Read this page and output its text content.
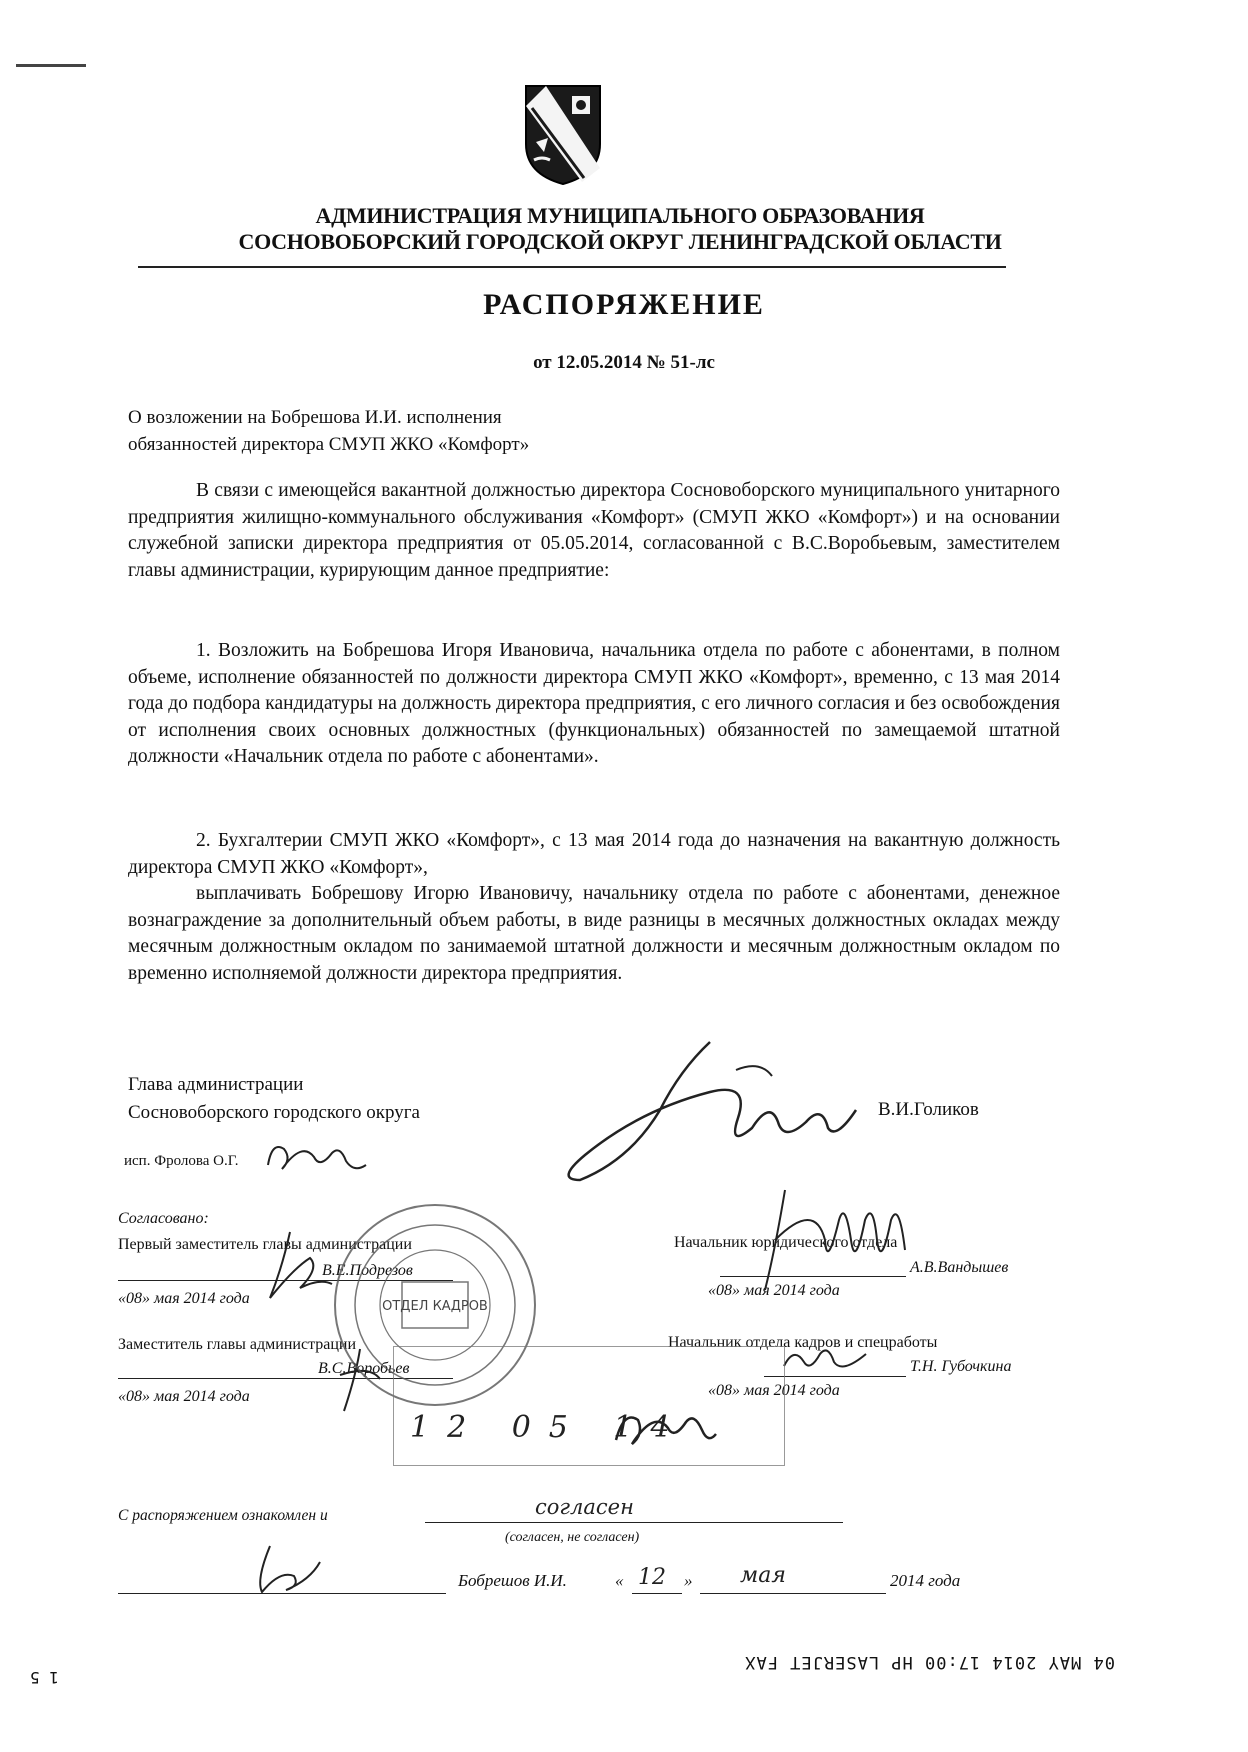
АДМИНИСТРАЦИЯ МУНИЦИПАЛЬНОГО ОБРАЗОВАНИЯ
СОСНОВОБОРСКИЙ ГОРОДСКОЙ ОКРУГ ЛЕНИНГРАДСКОЙ ОБЛАСТИ
РАСПОРЯЖЕНИЕ
от 12.05.2014 № 51-лс
О возложении на Бобрешова И.И. исполнения
обязанностей директора СМУП ЖКО «Комфорт»
В связи с имеющейся вакантной должностью директора Сосновоборского муниципального унитарного предприятия жилищно-коммунального обслуживания «Комфорт» (СМУП ЖКО «Комфорт») и на основании служебной записки директора предприятия от 05.05.2014, согласованной с В.С.Воробьевым, заместителем главы администрации, курирующим данное предприятие:
1. Возложить на Бобрешова Игоря Ивановича, начальника отдела по работе с абонентами, в полном объеме, исполнение обязанностей по должности директора СМУП ЖКО «Комфорт», временно, с 13 мая 2014 года до подбора кандидатуры на должность директора предприятия, с его личного согласия и без освобождения от исполнения своих основных должностных (функциональных) обязанностей по замещаемой штатной должности «Начальник отдела по работе с абонентами».
2. Бухгалтерии СМУП ЖКО «Комфорт», с 13 мая 2014 года до назначения на вакантную должность директора СМУП ЖКО «Комфорт»,
выплачивать Бобрешову Игорю Ивановичу, начальнику отдела по работе с абонентами, денежное вознаграждение за дополнительный объем работы, в виде разницы в месячных должностных окладах между месячным должностным окладом по занимаемой штатной должности и месячным должностным окладом по временно исполняемой должности директора предприятия.
Глава администрации
Сосновоборского городского округа	В.И.Голиков
исп. Фролова О.Г.
Согласовано:
Первый заместитель главы администрации
В.Е.Подрезов
«08» мая 2014 года
Заместитель главы администрации
В.С.Воробьев
«08» мая 2014 года
Начальник юридического отдела
А.В.Вандышев
«08» мая 2014 года
Начальник отдела кадров и спецработы
Т.Н. Губочкина
«08» мая 2014 года
ОТДЕЛ КАДРОВ
12 05 14
С распоряжением ознакомлен и	согласен
(согласен, не согласен)
Бобрешов И.И.	« 12 » мая	2014 года
04 MAY 2014 17:00 HP LASERJET FAX
1 5
